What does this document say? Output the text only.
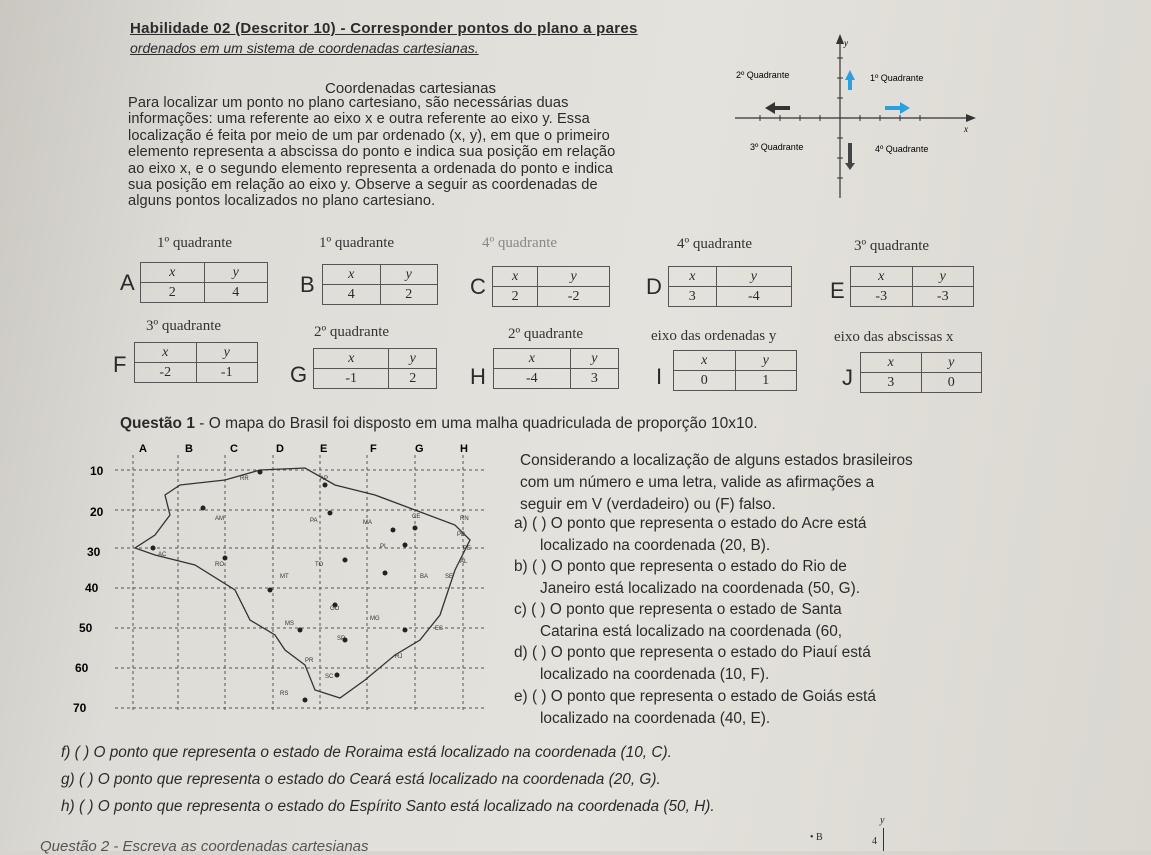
Habilidade 02 (Descritor 10) - Corresponder pontos do plano a pares
ordenados em um sistema de coordenadas cartesianas.
Coordenadas cartesianas
Para localizar um ponto no plano cartesiano, são necessárias duas
informações: uma referente ao eixo x e outra referente ao eixo y. Essa
localização é feita por meio de um par ordenado (x, y), em que o primeiro
elemento representa a abscissa do ponto e indica sua posição em relação
ao eixo x, e o segundo elemento representa a ordenada do ponto e indica
sua posição em relação ao eixo y. Observe a seguir as coordenadas de
alguns pontos localizados no plano cartesiano.
y
x
2º Quadrante	1º Quadrante
3º Quadrante	4º Quadrante
1º quadrante
A x	y
2	4
1º quadrante
B x	y
4	2
4º quadrante
C x	y
2	-2
4º quadrante
D x	y
3	-4
3º quadrante
E
x	y
-3	-3
3º quadrante
F	x	y
-2	-1
2º quadrante
G
x	y
-1	2
2º quadrante
H
x	y
-4	3
eixo das ordenadas y
I
x	y
0	1
eixo das abscissas x
J
x	y
3	0
Questão 1 - O mapa do Brasil foi disposto em uma malha quadriculada de proporção 10x10.
RR	AP
AM	PA	MA
CE	RN
PB
PE
AC
RO	TO
PI
AL
SE
BA
MT
GO
MG
ES
MS
SP
RJ
PR
SC
RS
A	B	C	D	E	F	G	H
10
20
30
40
50
60
70
Considerando a localização de alguns estados brasileiros
com um número e uma letra, valide as afirmações a
seguir em V (verdadeiro) ou (F) falso.
a) ( ) O ponto que representa o estado do Acre está
localizado na coordenada (20, B).
b) ( ) O ponto que representa o estado do Rio de
Janeiro está localizado na coordenada (50, G).
c) ( ) O ponto que representa o estado de Santa
Catarina está localizado na coordenada (60,
d) ( ) O ponto que representa o estado do Piauí está
localizado na coordenada (10, F).
e) ( ) O ponto que representa o estado de Goiás está
localizado na coordenada (40, E).
f) ( ) O ponto que representa o estado de Roraima está localizado na coordenada (10, C).
g) ( ) O ponto que representa o estado do Ceará está localizado na coordenada (20, G).
h) ( ) O ponto que representa o estado do Espírito Santo está localizado na coordenada (50, H).
Questão 2 - Escreva as coordenadas cartesianas
• B
y
4
